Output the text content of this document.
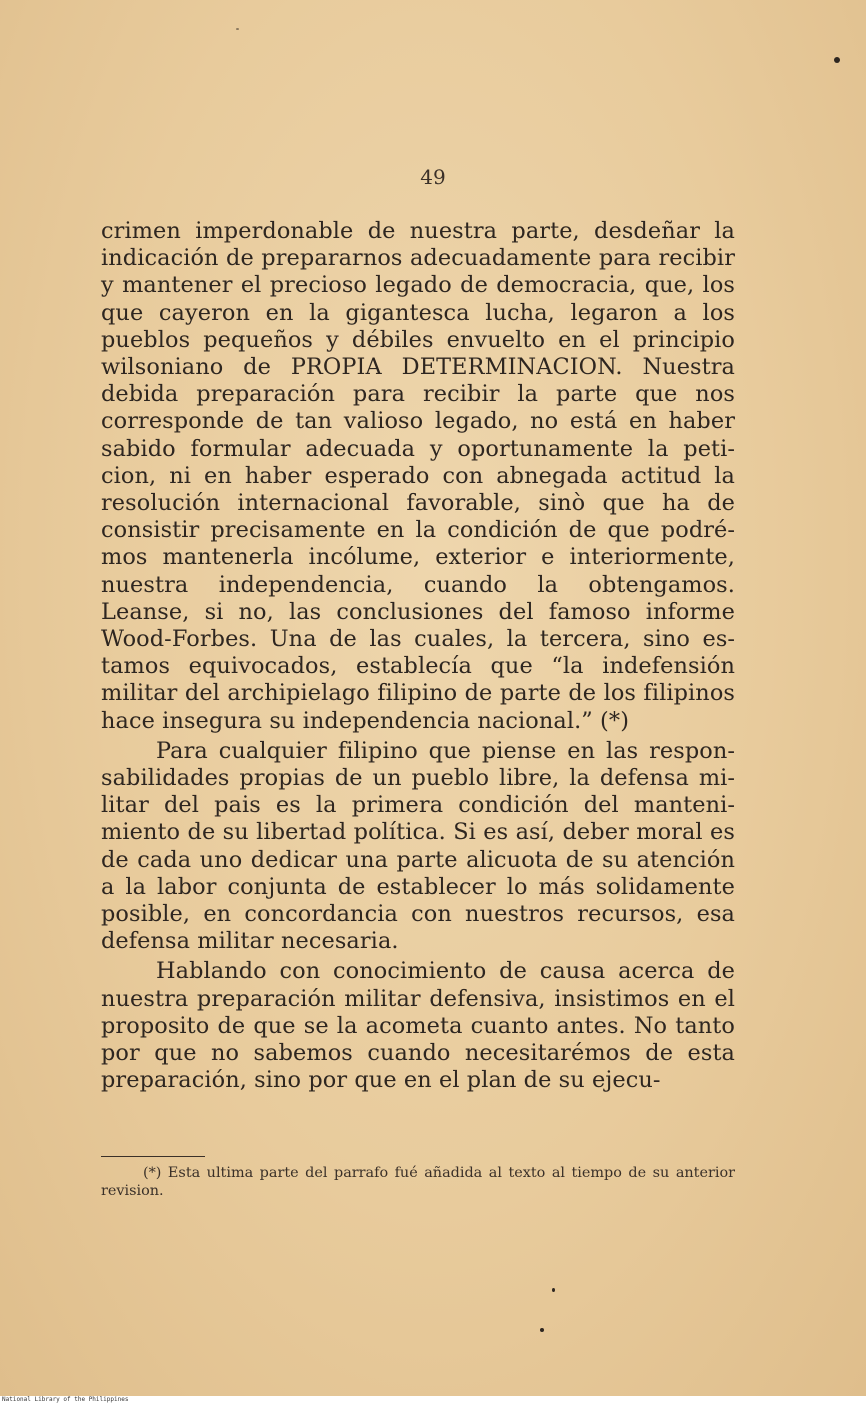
49

crimen imperdonable de nuestra parte, desdeñar la indicación de prepararnos adecuadamente para recibir y mantener el precioso legado de democracia, que, los que cayeron en la gigantesca lucha, legaron a los pueblos pequeños y débiles envuelto en el principio wilsoniano de PROPIA DETERMINACION. Nuestra debida preparación para recibir la parte que nos corresponde de tan valioso legado, no está en haber sabido formular adecuada y oportunamente la peticion, ni en haber esperado con abnegada actitud la resolución internacional favorable, sinò que ha de consistir precisamente en la condición de que podrémos mantenerla incólume, exterior e interiormente, nuestra independencia, cuando la obtengamos. Leanse, si no, las conclusiones del famoso informe Wood-Forbes. Una de las cuales, la tercera, sino estamos equivocados, establecía que “la indefensión militar del archipielago filipino de parte de los filipinos hace insegura su independencia nacional.” (*)

Para cualquier filipino que piense en las responsabilidades propias de un pueblo libre, la defensa militar del pais es la primera condición del mantenimiento de su libertad política. Si es así, deber moral es de cada uno dedicar una parte alicuota de su atención a la labor conjunta de establecer lo más solidamente posible, en concordancia con nuestros recursos, esa defensa militar necesaria.

Hablando con conocimiento de causa acerca de nuestra preparación militar defensiva, insistimos en el proposito de que se la acometa cuanto antes. No tanto por que no sabemos cuando necesitarémos de esta preparación, sino por que en el plan de su ejecu-

(*) Esta ultima parte del parrafo fué añadida al texto al tiempo de su anterior revision.

National Library of the Philippines
